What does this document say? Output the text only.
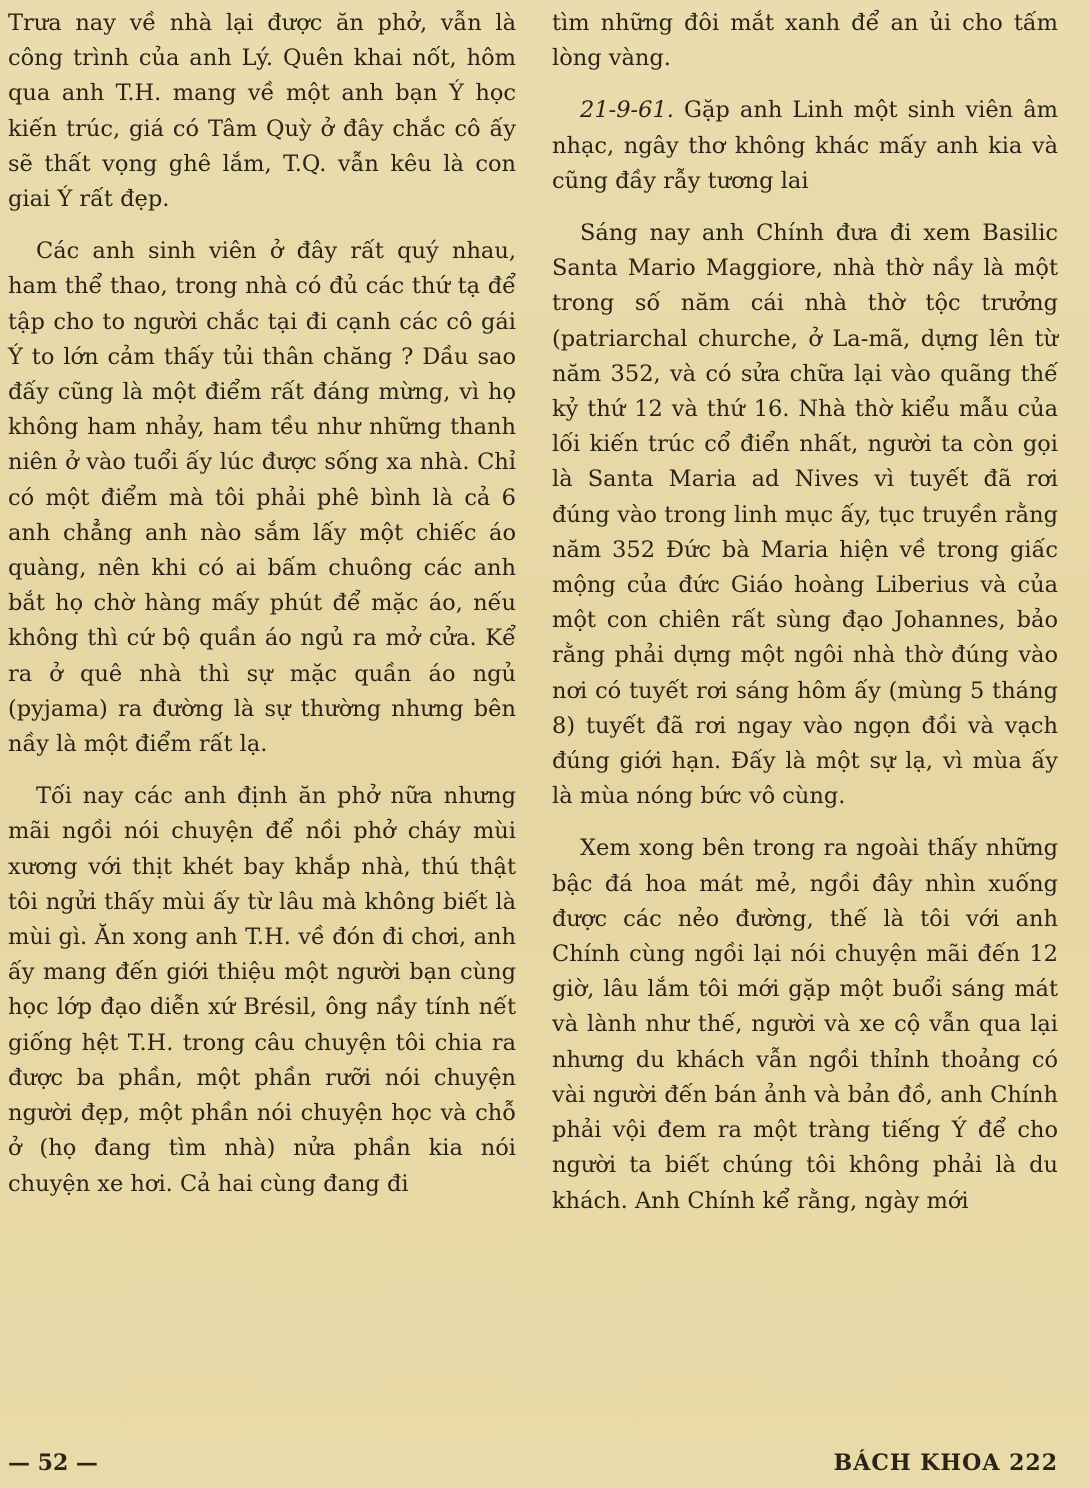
Trưa nay về nhà lại được ăn phở, vẫn là công trình của anh Lý. Quên khai nốt, hôm qua anh T.H. mang về một anh bạn Ý học kiến trúc, giá có Tâm Quỳ ở đây chắc cô ấy sẽ thất vọng ghê lắm, T.Q. vẫn kêu là con giai Ý rất đẹp.

Các anh sinh viên ở đây rất quý nhau, ham thể thao, trong nhà có đủ các thứ tạ để tập cho to người chắc tại đi cạnh các cô gái Ý to lớn cảm thấy tủi thân chăng ? Dầu sao đấy cũng là một điểm rất đáng mừng, vì họ không ham nhảy, ham tều như những thanh niên ở vào tuổi ấy lúc được sống xa nhà. Chỉ có một điểm mà tôi phải phê bình là cả 6 anh chẳng anh nào sắm lấy một chiếc áo quàng, nên khi có ai bấm chuông các anh bắt họ chờ hàng mấy phút để mặc áo, nếu không thì cứ bộ quần áo ngủ ra mở cửa. Kể ra ở quê nhà thì sự mặc quần áo ngủ (pyjama) ra đường là sự thường nhưng bên nầy là một điểm rất lạ.

Tối nay các anh định ăn phở nữa nhưng mãi ngồi nói chuyện để nồi phở cháy mùi xương với thịt khét bay khắp nhà, thú thật tôi ngửi thấy mùi ấy từ lâu mà không biết là mùi gì. Ăn xong anh T.H. về đón đi chơi, anh ấy mang đến giới thiệu một người bạn cùng học lớp đạo diễn xứ Brésil, ông nầy tính nết giống hệt T.H. trong câu chuyện tôi chia ra được ba phần, một phần rưỡi nói chuyện người đẹp, một phần nói chuyện học và chỗ ở (họ đang tìm nhà) nửa phần kia nói chuyện xe hơi. Cả hai cùng đang đi

tìm những đôi mắt xanh để an ủi cho tấm lòng vàng.

21-9-61. Gặp anh Linh một sinh viên âm nhạc, ngây thơ không khác mấy anh kia và cũng đầy rẫy tương lai

Sáng nay anh Chính đưa đi xem Basilic Santa Mario Maggiore, nhà thờ nầy là một trong số năm cái nhà thờ tộc trưởng (patriarchal churche, ở La-mã, dựng lên từ năm 352, và có sửa chữa lại vào quãng thế kỷ thứ 12 và thứ 16. Nhà thờ kiểu mẫu của lối kiến trúc cổ điển nhất, người ta còn gọi là Santa Maria ad Nives vì tuyết đã rơi đúng vào trong linh mục ấy, tục truyền rằng năm 352 Đức bà Maria hiện về trong giấc mộng của đức Giáo hoàng Liberius và của một con chiên rất sùng đạo Johannes, bảo rằng phải dựng một ngôi nhà thờ đúng vào nơi có tuyết rơi sáng hôm ấy (mùng 5 tháng 8) tuyết đã rơi ngay vào ngọn đồi và vạch đúng giới hạn. Đấy là một sự lạ, vì mùa ấy là mùa nóng bức vô cùng.

Xem xong bên trong ra ngoài thấy những bậc đá hoa mát mẻ, ngồi đây nhìn xuống được các nẻo đường, thế là tôi với anh Chính cùng ngồi lại nói chuyện mãi đến 12 giờ, lâu lắm tôi mới gặp một buổi sáng mát và lành như thế, người và xe cộ vẫn qua lại nhưng du khách vẫn ngồi thỉnh thoảng có vài người đến bán ảnh và bản đồ, anh Chính phải vội đem ra một tràng tiếng Ý để cho người ta biết chúng tôi không phải là du khách. Anh Chính kể rằng, ngày mới

— 52 —	BÁCH KHOA 222
